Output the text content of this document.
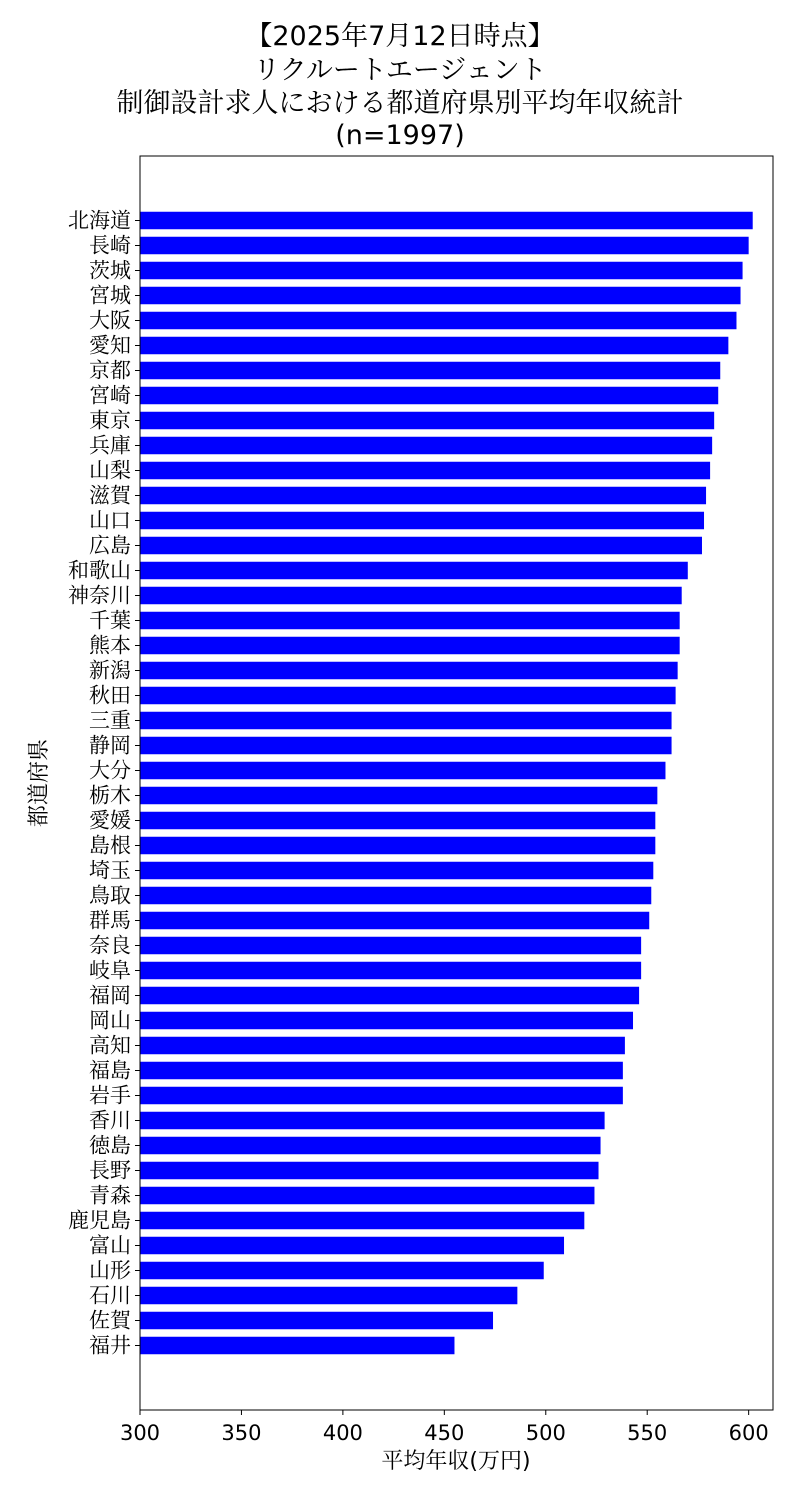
【2025年7月12日時点】
リクルートエージェント
制御設計求人における都道府県別平均年収統計
(n=1997)
北海道
長崎
茨城
宮城
大阪
愛知
京都
宮崎
東京
兵庫
山梨
滋賀
山口
広島
和歌山
神奈川
千葉
熊本
新潟
秋田
三重
静岡
大分
栃木
愛媛
島根
埼玉
鳥取
群馬
奈良
岐阜
福岡
岡山
高知
福島
岩手
香川
徳島
長野
青森
鹿児島
富山
山形
石川
佐賀
福井
300	350	400	450	500	550	600
平均年収(万円)
都道府県
